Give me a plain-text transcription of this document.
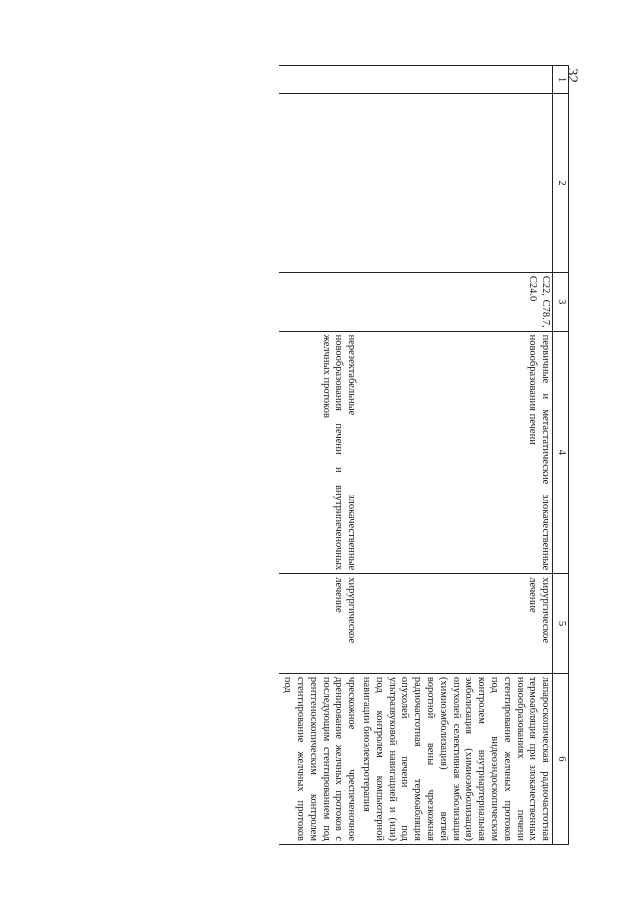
32
1	2	3	4	5	6
		C22, C78.7, C24.0	первичные и метастатические злокачественные новообразования печени	хирургическое лечение	лапароскопическая радиочастотная термоабляция при злокачественных новообразованиях печени стентирование желчных протоков под видеоэндоскопическим контролем внутриартериальная эмболизация (химиоэмболизация) опухолей селективная эмболизация (химиоэмболизация) ветвей воротной вены чрезкожная радиочастотная термоабляция опухолей печени под ультразвуковой навигацией и (или) под контролем компьютерной навигации биоэлектротерапия
			нерезектабельные злокачественные новообразования печени и внутрипеченочных желчных протоков	хирургическое лечение	чрескожное чреспеченочное дренирование желчных протоков с последующим стентированием под рентгеноскопическим контролем стентирование желчных протоков под
